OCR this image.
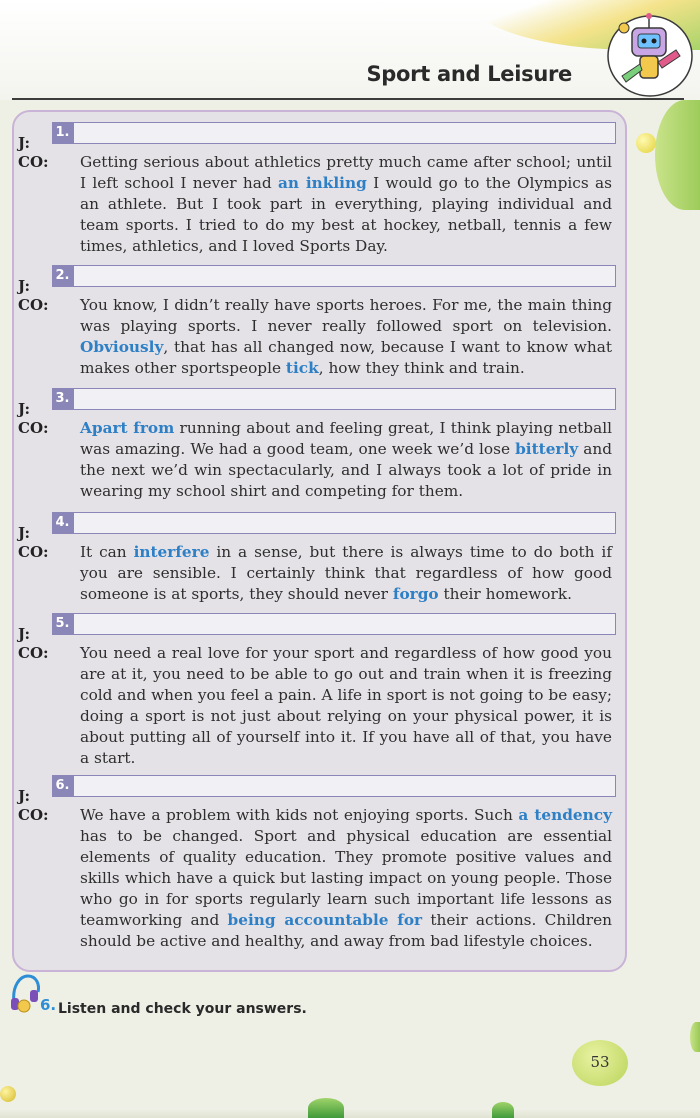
Sport and Leisure
J:
1.
CO: Getting serious about athletics pretty much came after school; until I left school I never had an inkling I would go to the Olympics as an athlete. But I took part in everything, playing individual and team sports. I tried to do my best at hockey, netball, tennis a few times, athletics, and I loved Sports Day.
J:
2.
CO: You know, I didn’t really have sports heroes. For me, the main thing was playing sports. I never really followed sport on television. Obviously, that has all changed now, because I want to know what makes other sportspeople tick, how they think and train.
J:
3.
CO: Apart from running about and feeling great, I think playing netball was amazing. We had a good team, one week we’d lose bitterly and the next we’d win spectacularly, and I always took a lot of pride in wearing my school shirt and competing for them.
J:
4.
CO: It can interfere in a sense, but there is always time to do both if you are sensible. I certainly think that regardless of how good someone is at sports, they should never forgo their homework.
J:
5.
CO: You need a real love for your sport and regardless of how good you are at it, you need to be able to go out and train when it is freezing cold and when you feel a pain. A life in sport is not going to be easy; doing a sport is not just about relying on your physical power, it is about putting all of yourself into it. If you have all of that, you have a start.
J:
6.
CO: We have a problem with kids not enjoying sports. Such a tendency has to be changed. Sport and physical education are essential elements of quality education. They promote positive values and skills which have a quick but lasting impact on young people. Those who go in for sports regularly learn such important life lessons as teamworking and being accountable for their actions. Children should be active and healthy, and away from bad lifestyle choices.
6. Listen and check your answers.
53
